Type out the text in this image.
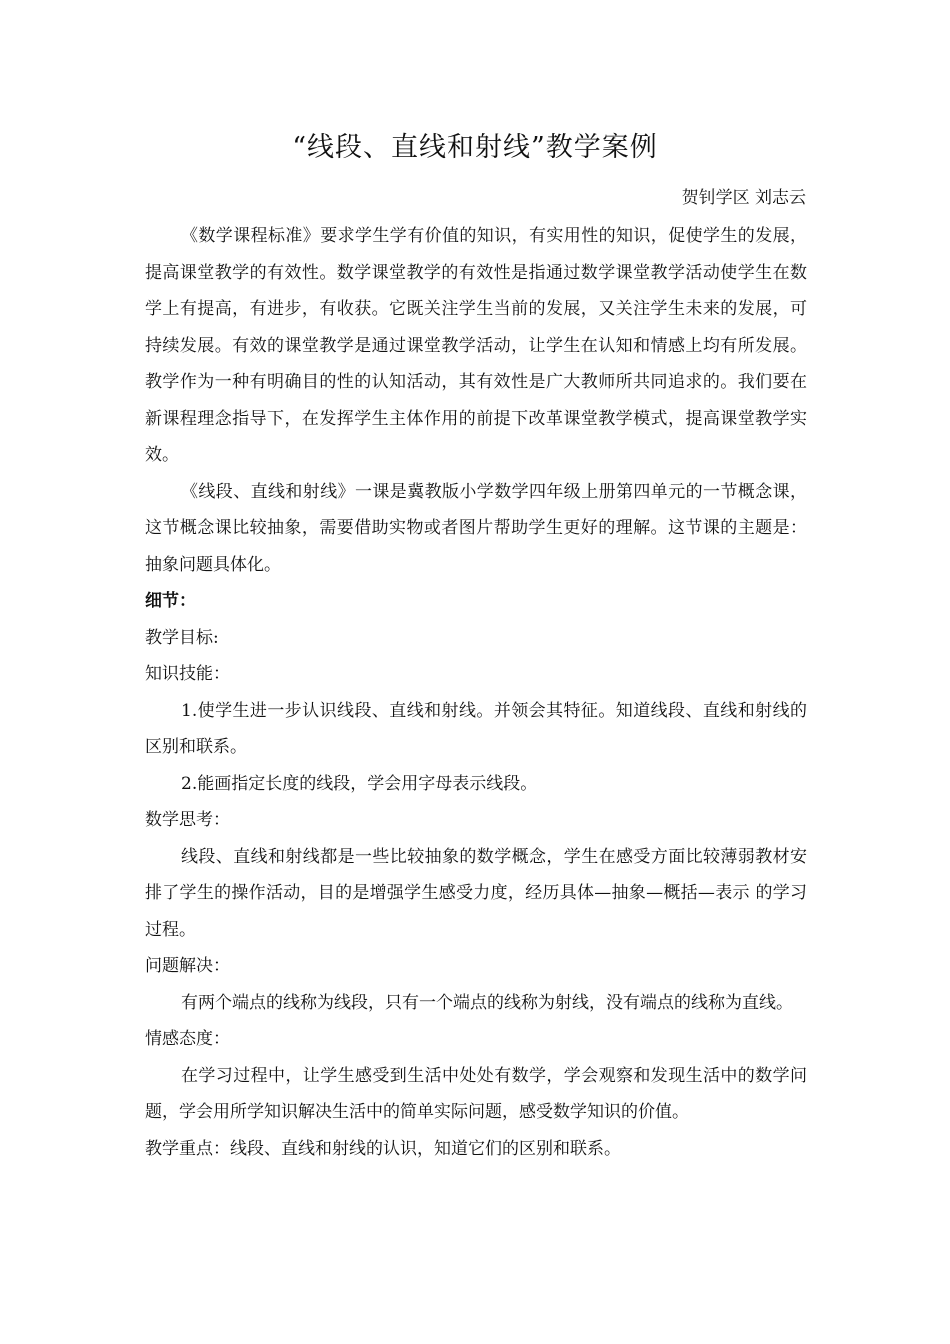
“线段、直线和射线”教学案例
贺钊学区 刘志云

《数学课程标准》要求学生学有价值的知识，有实用性的知识，促使学生的发展，提高课堂教学的有效性。数学课堂教学的有效性是指通过数学课堂教学活动使学生在数学上有提高，有进步，有收获。它既关注学生当前的发展，又关注学生未来的发展，可持续发展。有效的课堂教学是通过课堂教学活动，让学生在认知和情感上均有所发展。教学作为一种有明确目的性的认知活动，其有效性是广大教师所共同追求的。我们要在新课程理念指导下，在发挥学生主体作用的前提下改革课堂教学模式，提高课堂教学实效。

《线段、直线和射线》一课是冀教版小学数学四年级上册第四单元的一节概念课，这节概念课比较抽象，需要借助实物或者图片帮助学生更好的理解。这节课的主题是：抽象问题具体化。

细节：

教学目标:

知识技能：

1.使学生进一步认识线段、直线和射线。并领会其特征。知道线段、直线和射线的区别和联系。

2.能画指定长度的线段，学会用字母表示线段。

数学思考：

线段、直线和射线都是一些比较抽象的数学概念，学生在感受方面比较薄弱教材安排了学生的操作活动，目的是增强学生感受力度，经历具体—抽象—概括—表示 的学习过程。

问题解决：

有两个端点的线称为线段，只有一个端点的线称为射线，没有端点的线称为直线。

情感态度：

在学习过程中，让学生感受到生活中处处有数学，学会观察和发现生活中的数学问题，学会用所学知识解决生活中的简单实际问题，感受数学知识的价值。

教学重点：线段、直线和射线的认识，知道它们的区别和联系。
